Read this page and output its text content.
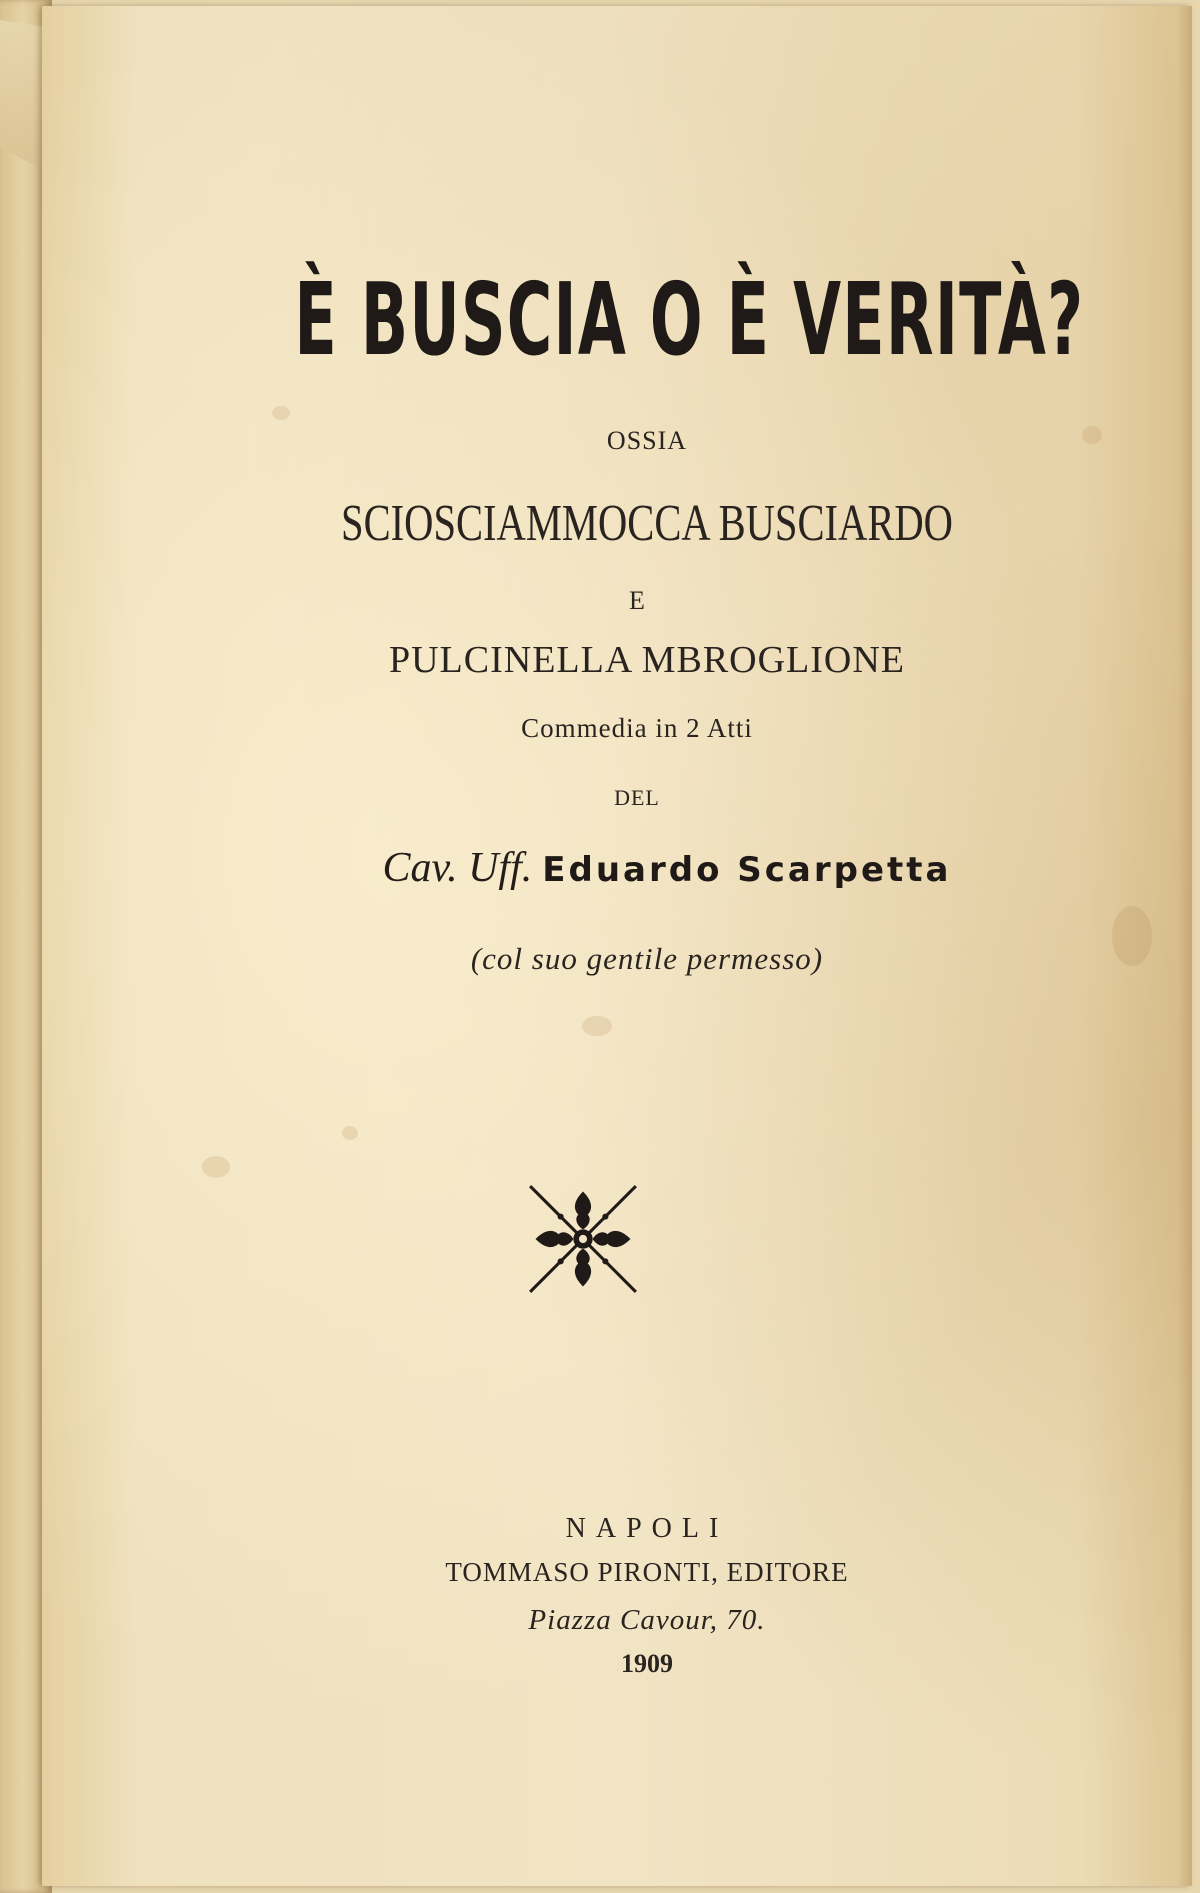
È BUSCIA O È VERITÀ?
OSSIA
SCIOSCIAMMOCCA BUSCIARDO
E
PULCINELLA MBROGLIONE
Commedia in 2 Atti
DEL
Cav. Uff. Eduardo Scarpetta
(col suo gentile permesso)
NAPOLI
TOMMASO PIRONTI, EDITORE
Piazza Cavour, 70.
1909
